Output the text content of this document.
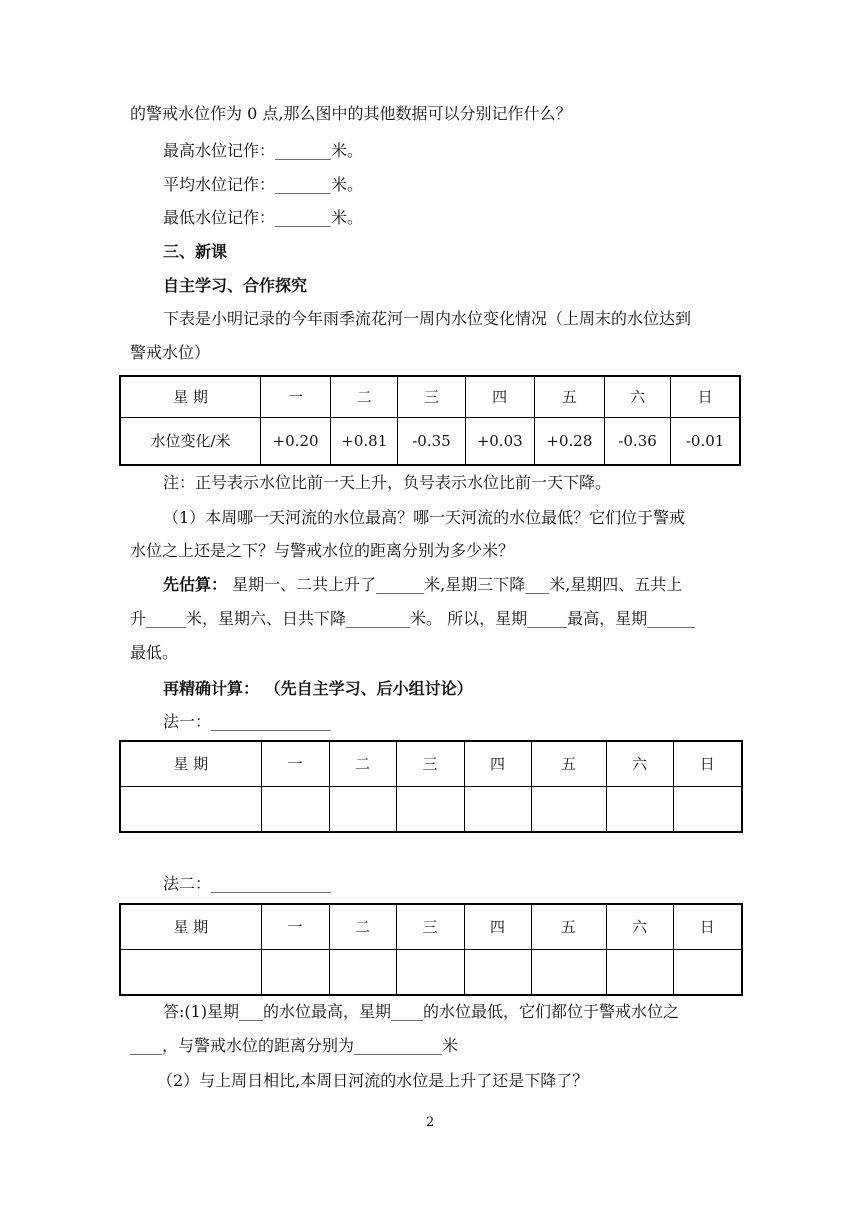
的警戒水位作为 0 点,那么图中的其他数据可以分别记作什么？
最高水位记作：_______米。
平均水位记作：_______米。
最低水位记作：_______米。
三、新课
自主学习、合作探究
下表是小明记录的今年雨季流花河一周内水位变化情况（上周末的水位达到
警戒水位）
星 期	一	二	三	四	五	六	日
水位变化/米	+0.20	+0.81	-0.35	+0.03	+0.28	-0.36	-0.01
注：正号表示水位比前一天上升，负号表示水位比前一天下降。
（1）本周哪一天河流的水位最高？哪一天河流的水位最低？它们位于警戒
水位之上还是之下？与警戒水位的距离分别为多少米？
先估算： 星期一、二共上升了______米,星期三下降___米,星期四、五共上
升_____米，星期六、日共下降________米。 所以，星期_____最高，星期______
最低。
再精确计算： （先自主学习、后小组讨论）
法一：_______________
星 期	一	二	三	四	五	六	日

法二：_______________
星 期	一	二	三	四	五	六	日

答:(1)星期___的水位最高，星期____的水位最低，它们都位于警戒水位之
____，与警戒水位的距离分别为___________米
（2）与上周日相比,本周日河流的水位是上升了还是下降了？
2
